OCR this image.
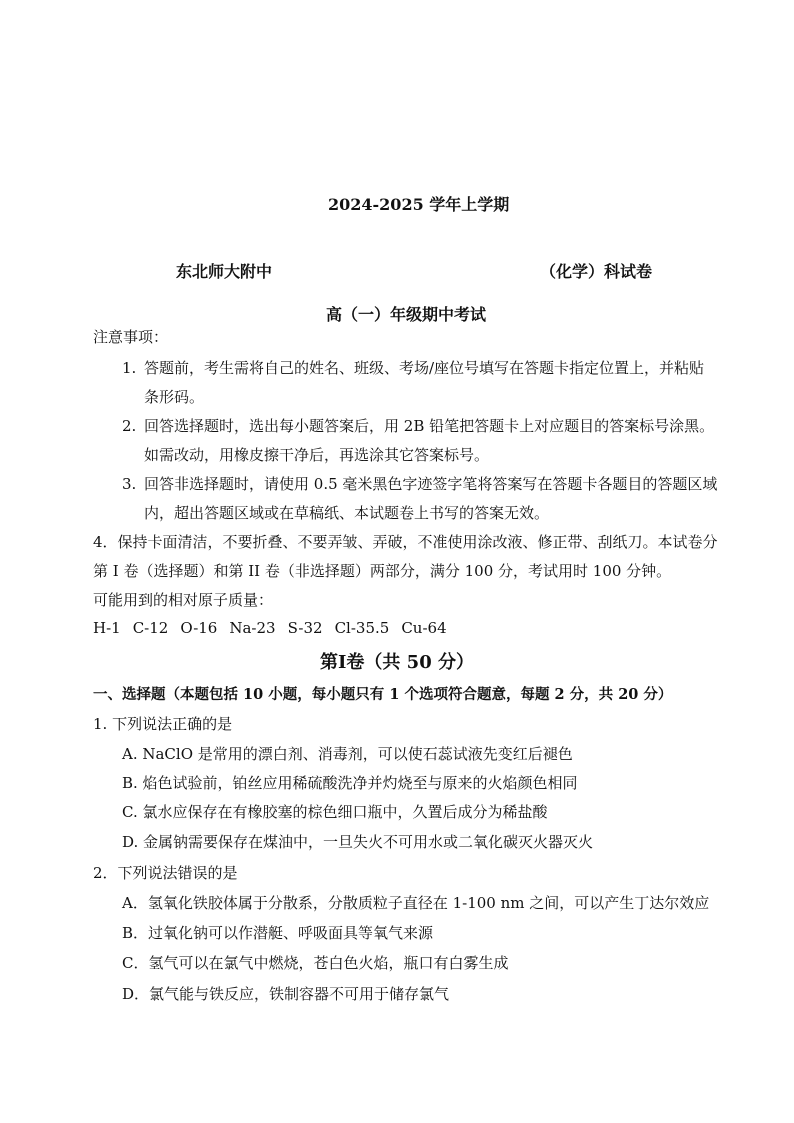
2024-2025 学年上学期
东北师大附中	（化学）科试卷
高（一）年级期中考试
注意事项：
1. 答题前，考生需将自己的姓名、班级、考场/座位号填写在答题卡指定位置上，并粘贴
条形码。
2. 回答选择题时，选出每小题答案后，用 2B 铅笔把答题卡上对应题目的答案标号涂黑。
如需改动，用橡皮擦干净后，再选涂其它答案标号。
3. 回答非选择题时，请使用 0.5 毫米黑色字迹签字笔将答案写在答题卡各题目的答题区域
内，超出答题区域或在草稿纸、本试题卷上书写的答案无效。
4．保持卡面清洁，不要折叠、不要弄皱、弄破，不准使用涂改液、修正带、刮纸刀。本试卷分
第 I 卷（选择题）和第 II 卷（非选择题）两部分，满分 100 分，考试用时 100 分钟。
可能用到的相对原子质量：
H-1 C-12 O-16 Na-23 S-32 Cl-35.5 Cu-64
第I卷（共 50 分）
一、选择题（本题包括 10 小题，每小题只有 1 个选项符合题意，每题 2 分，共 20 分）
1. 下列说法正确的是
A. NaClO 是常用的漂白剂、消毒剂，可以使石蕊试液先变红后褪色
B. 焰色试验前，铂丝应用稀硫酸洗净并灼烧至与原来的火焰颜色相同
C. 氯水应保存在有橡胶塞的棕色细口瓶中，久置后成分为稀盐酸
D. 金属钠需要保存在煤油中，一旦失火不可用水或二氧化碳灭火器灭火
2．下列说法错误的是
A．氢氧化铁胶体属于分散系，分散质粒子直径在 1-100 nm 之间，可以产生丁达尔效应
B．过氧化钠可以作潜艇、呼吸面具等氧气来源
C．氢气可以在氯气中燃烧，苍白色火焰，瓶口有白雾生成
D．氯气能与铁反应，铁制容器不可用于储存氯气
